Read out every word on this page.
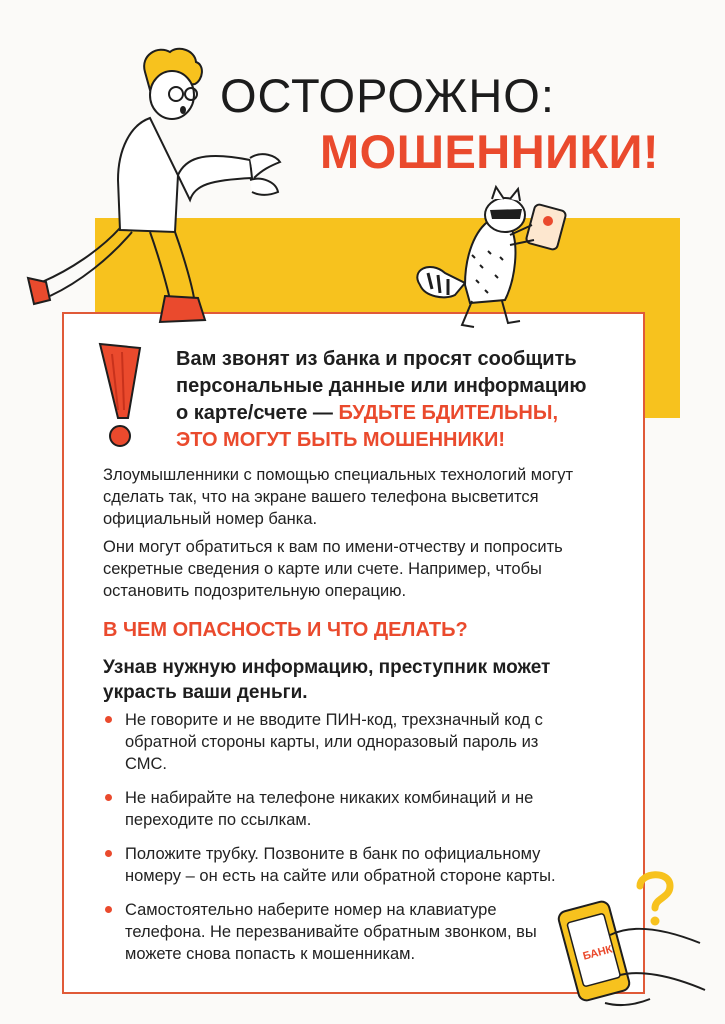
БАНК
ОСТОРОЖНО:
МОШЕННИКИ!
Вам звонят из банка и просят сообщить
персональные данные или информацию
о карте/счете — БУДЬТЕ БДИТЕЛЬНЫ,
ЭТО МОГУТ БЫТЬ МОШЕННИКИ!
Злоумышленники с помощью специальных технологий могут сделать так, что на экране вашего телефона высветится официальный номер банка.
Они могут обратиться к вам по имени-отчеству и попросить секретные сведения о карте или счете. Например, чтобы остановить подозрительную операцию.
В ЧЕМ ОПАСНОСТЬ И ЧТО ДЕЛАТЬ?
Узнав нужную информацию, преступник может украсть ваши деньги.
Не говорите и не вводите ПИН-код, трехзначный код с обратной стороны карты, или одноразовый пароль из СМС.
Не набирайте на телефоне никаких комбинаций и не переходите по ссылкам.
Положите трубку. Позвоните в банк по официальному номеру – он есть на сайте или обратной стороне карты.
Самостоятельно наберите номер на клавиатуре телефона. Не перезванивайте обратным звонком, вы можете снова попасть к мошенникам.
